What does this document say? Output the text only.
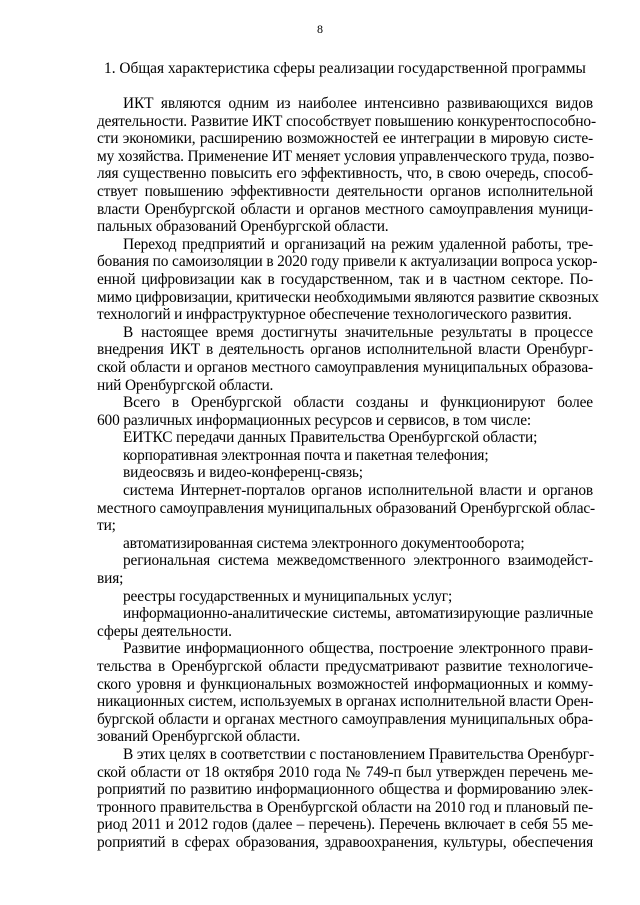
8
1. Общая характеристика сферы реализации государственной программы
ИКТ являются одним из наиболее интенсивно развивающихся видов
деятельности. Развитие ИКТ способствует повышению конкурентоспособно-
сти экономики, расширению возможностей ее интеграции в мировую систе-
му хозяйства. Применение ИТ меняет условия управленческого труда, позво-
ляя существенно повысить его эффективность, что, в свою очередь, способ-
ствует повышению эффективности деятельности органов исполнительной
власти Оренбургской области и органов местного самоуправления муници-
пальных образований Оренбургской области.
Переход предприятий и организаций на режим удаленной работы, тре-
бования по самоизоляции в 2020 году привели к актуализации вопроса ускор-
енной цифровизации как в государственном, так и в частном секторе. По-
мимо цифровизации, критически необходимыми являются развитие сквозных
технологий и инфраструктурное обеспечение технологического развития.
В настоящее время достигнуты значительные результаты в процессе
внедрения ИКТ в деятельность органов исполнительной власти Оренбург-
ской области и органов местного самоуправления муниципальных образова-
ний Оренбургской области.
Всего в Оренбургской области созданы и функционируют более
600 различных информационных ресурсов и сервисов, в том числе:
ЕИТКС передачи данных Правительства Оренбургской области;
корпоративная электронная почта и пакетная телефония;
видеосвязь и видео-конференц-связь;
система Интернет-порталов органов исполнительной власти и органов
местного самоуправления муниципальных образований Оренбургской облас-
ти;
автоматизированная система электронного документооборота;
региональная система межведомственного электронного взаимодейст-
вия;
реестры государственных и муниципальных услуг;
информационно-аналитические системы, автоматизирующие различные
сферы деятельности.
Развитие информационного общества, построение электронного прави-
тельства в Оренбургской области предусматривают развитие технологиче-
ского уровня и функциональных возможностей информационных и комму-
никационных систем, используемых в органах исполнительной власти Орен-
бургской области и органах местного самоуправления муниципальных обра-
зований Оренбургской области.
В этих целях в соответствии с постановлением Правительства Оренбург-
ской области от 18 октября 2010 года № 749-п был утвержден перечень ме-
роприятий по развитию информационного общества и формированию элек-
тронного правительства в Оренбургской области на 2010 год и плановый пе-
риод 2011 и 2012 годов (далее – перечень). Перечень включает в себя 55 ме-
роприятий в сферах образования, здравоохранения, культуры, обеспечения
